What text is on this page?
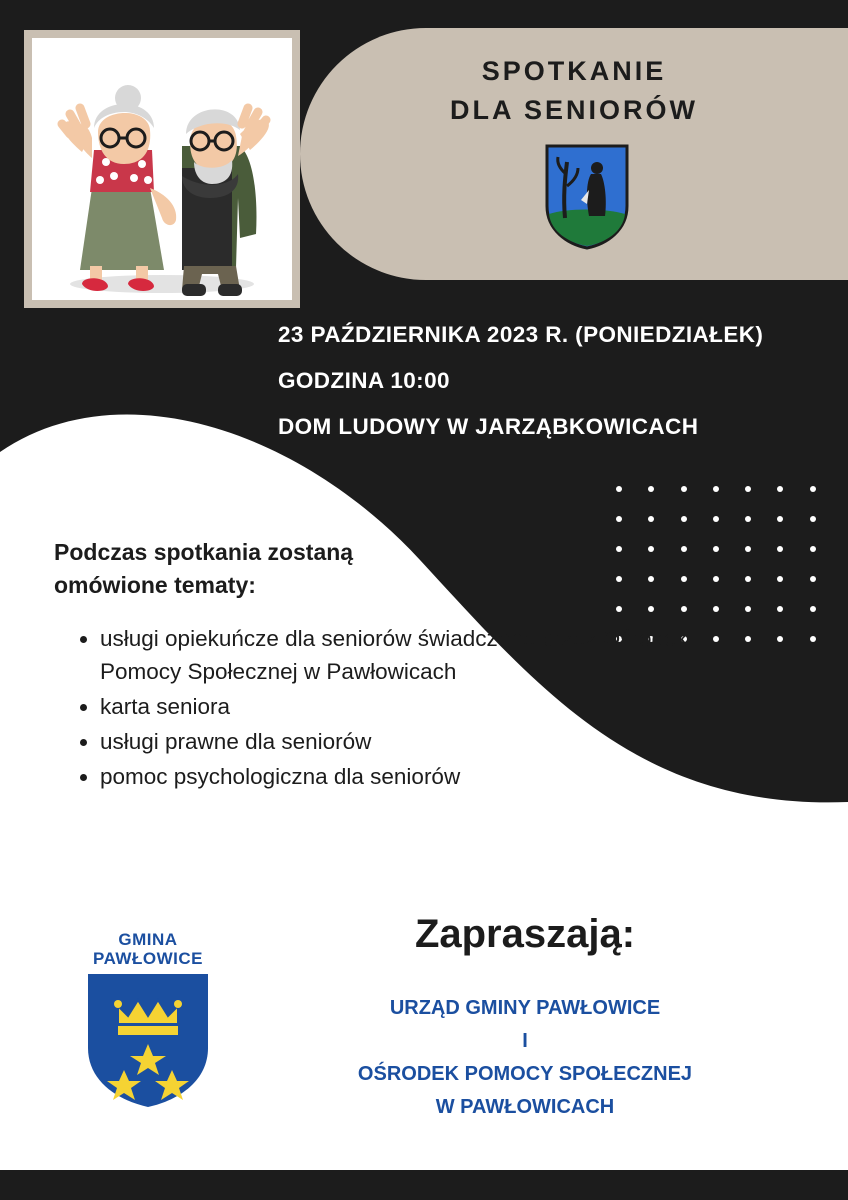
SPOTKANIE
DLA SENIORÓW
23 PAŹDZIERNIKA 2023 R. (PONIEDZIAŁEK)
GODZINA 10:00
DOM LUDOWY W JARZĄBKOWICACH
Podczas spotkania zostaną
omówione tematy:
• usługi opiekuńcze dla seniorów świadczone przez Ośrodek Pomocy Społecznej w Pawłowicach
• karta seniora
• usługi prawne dla seniorów
• pomoc psychologiczna dla seniorów
GMINA
PAWŁOWICE
Zapraszają:
URZĄD GMINY PAWŁOWICE
I
OŚRODEK POMOCY SPOŁECZNEJ
W PAWŁOWICACH
